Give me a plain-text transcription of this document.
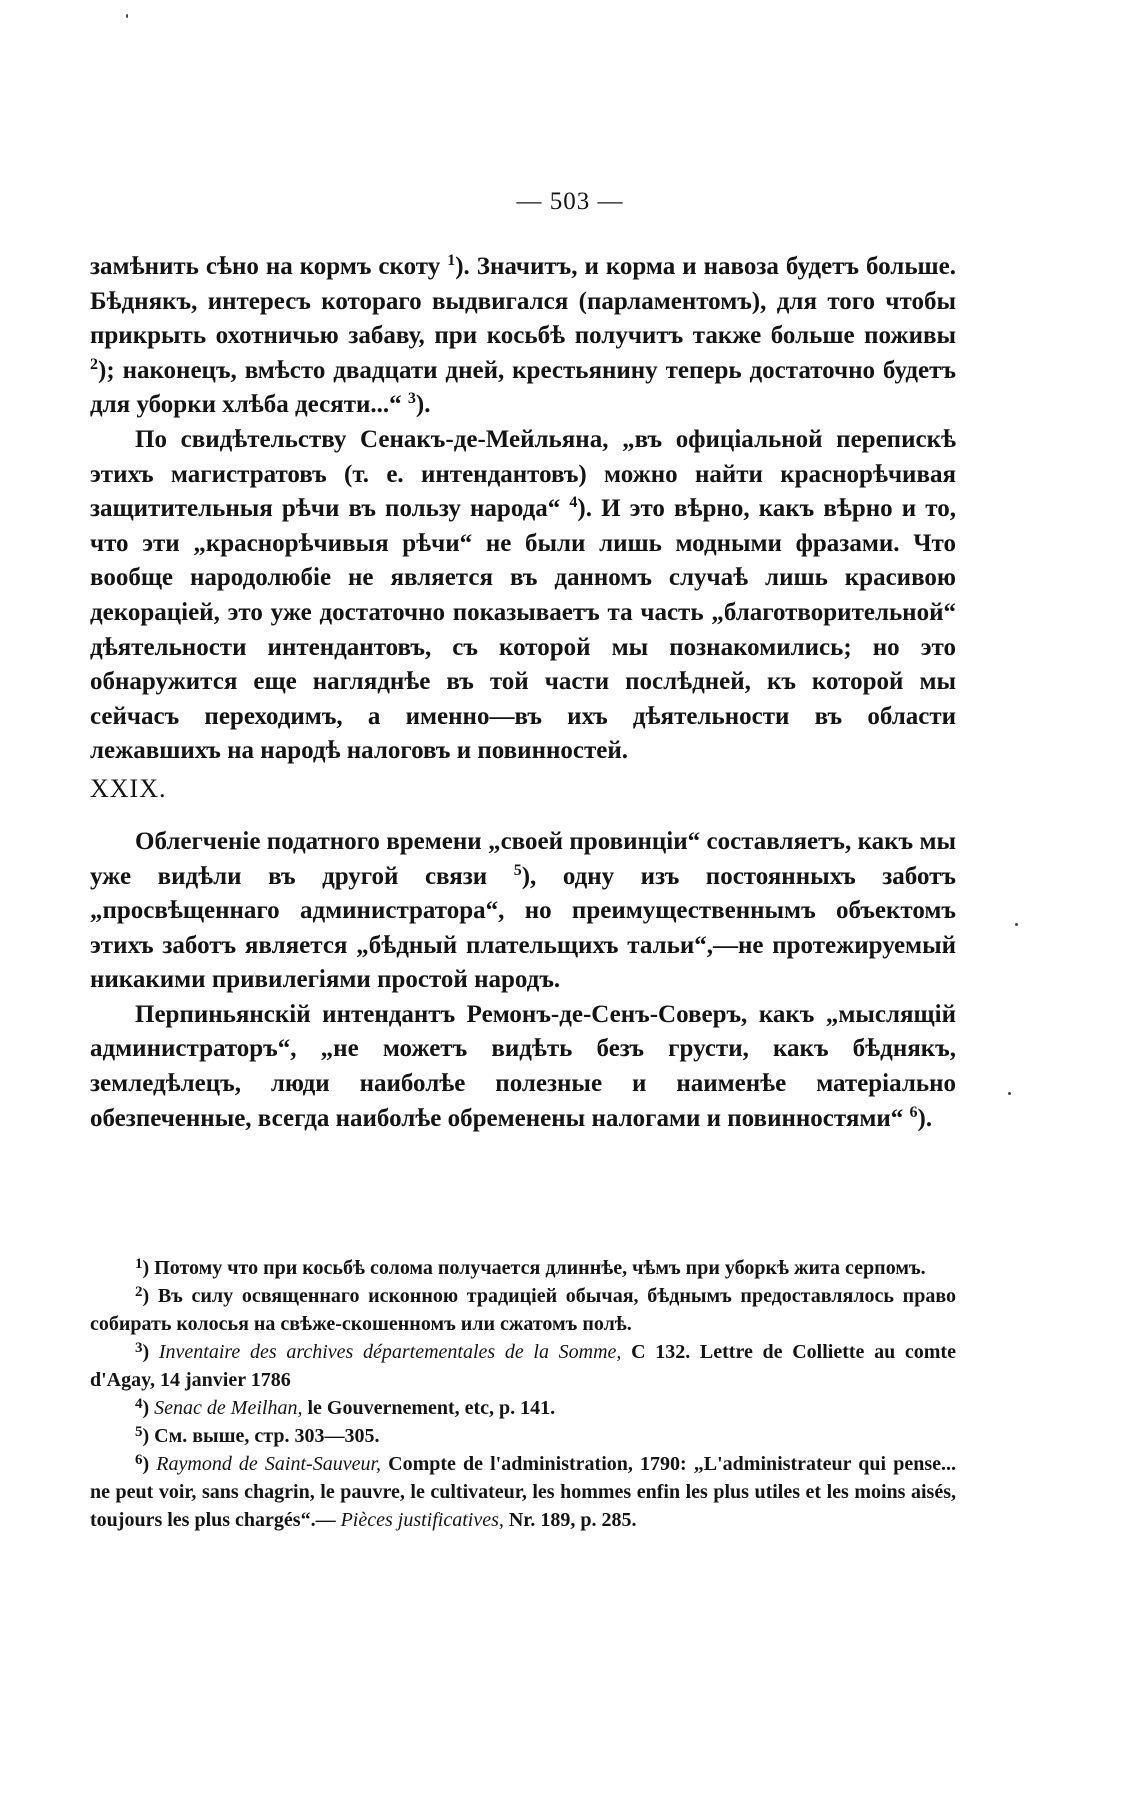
— 503 —

замѣнить сѣно на кормъ скоту $^1$). Значитъ, и корма и навоза будетъ больше. Бѣднякъ, интересъ котораго выдвигался (парламентомъ), для того чтобы прикрыть охотничью забаву, при косьбѣ получитъ также больше поживы $^2$); наконецъ, вмѣсто двадцати дней, крестьянину теперь достаточно будетъ для уборки хлѣба десяти...“ $^3$).

По свидѣтельству Сенакъ-де-Мейльяна, „въ офиціальной перепискѣ этихъ магистратовъ (т. е. интендантовъ) можно найти краснорѣчивая защитительныя рѣчи въ пользу народа“ $^4$). И это вѣрно, какъ вѣрно и то, что эти „краснорѣчивыя рѣчи“ не были лишь модными фразами. Что вообще народолюбіе не является въ данномъ случаѣ лишь красивою декораціей, это уже достаточно показываетъ та часть „благотворительной“ дѣятельности интендантовъ, съ которой мы познакомились; но это обнаружится еще нагляднѣе въ той части послѣдней, къ которой мы сейчасъ переходимъ, а именно—въ ихъ дѣятельности въ области лежавшихъ на народѣ налоговъ и повинностей.

XXIX.

Облегченіе податного времени „своей провинціи“ составляетъ, какъ мы уже видѣли въ другой связи $^5$), одну изъ постоянныхъ заботъ „просвѣщеннаго администратора“, но преимущественнымъ объектомъ этихъ заботъ является „бѣдный плательщихъ тальи“,—не протежируемый никакими привилегіями простой народъ.

Перпиньянскій интендантъ Ремонъ-де-Сенъ-Соверъ, какъ „мыслящій администраторъ“, „не можетъ видѣть безъ грусти, какъ бѣднякъ, земледѣлецъ, люди наиболѣе полезные и наименѣе матеріально обезпеченные, всегда наиболѣе обременены налогами и повинностями“ $^6$).

$^1$) Потому что при косьбѣ солома получается длиннѣе, чѣмъ при уборкѣ жита серпомъ.

$^2$) Въ силу освященнаго исконною традиціей обычая, бѣднымъ предоставлялось право собирать колосья на свѣже-скошенномъ или сжатомъ полѣ.

$^3$) Inventaire des archives départementales de la Somme, C 132. Lettre de Colliette au comte d'Agay, 14 janvier 1786

$^4$) Senac de Meilhan, le Gouvernement, etc, p. 141.

$^5$) См. выше, стр. 303—305.

$^6$) Raymond de Saint-Sauveur, Compte de l'administration, 1790: „L'administrateur qui pense... ne peut voir, sans chagrin, le pauvre, le cultivateur, les hommes enfin les plus utiles et les moins aisés, toujours les plus chargés“.— Pièces justificatives, Nr. 189, p. 285.
